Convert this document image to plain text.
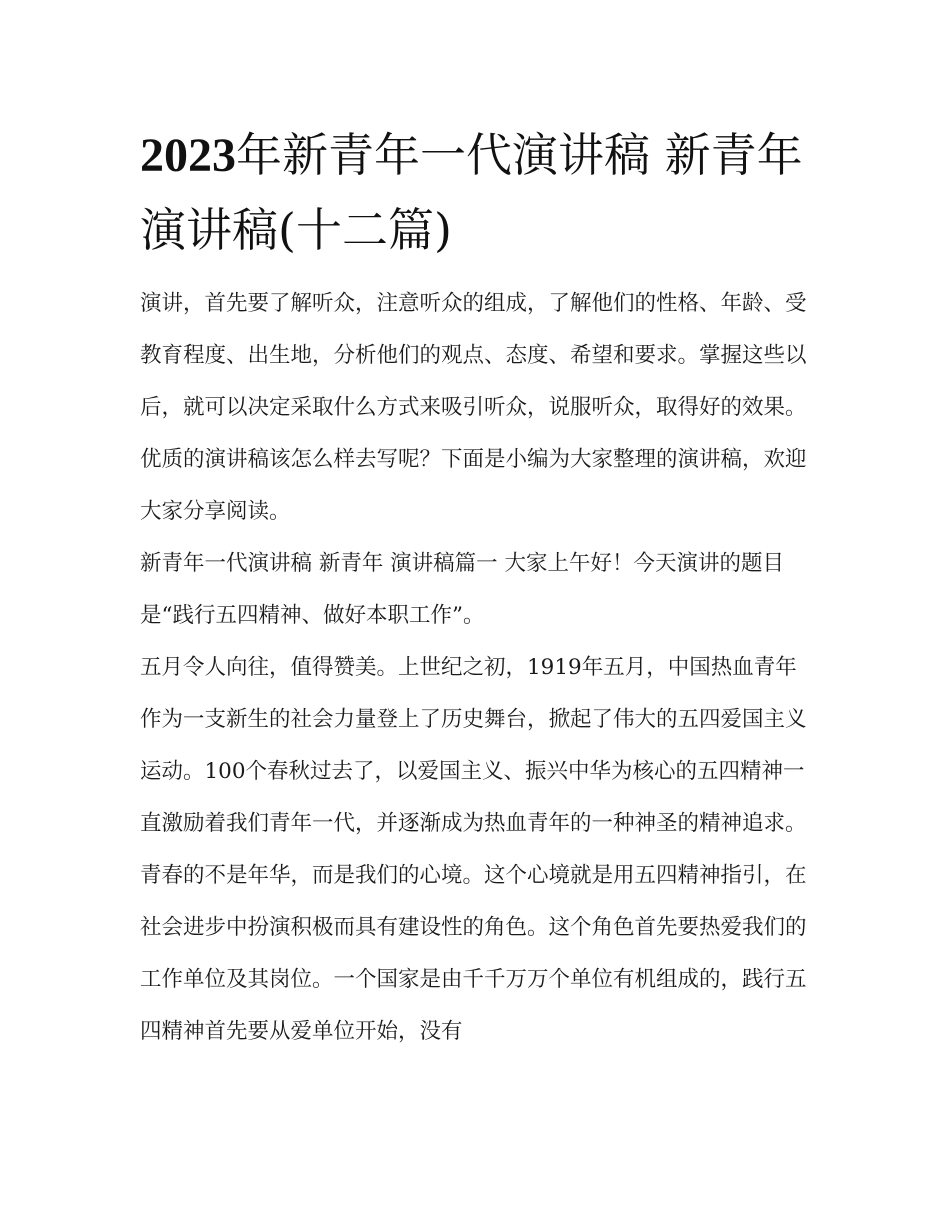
2023年新青年一代演讲稿 新青年 演讲稿(十二篇)

演讲，首先要了解听众，注意听众的组成，了解他们的性格、年龄、受教育程度、出生地，分析他们的观点、态度、希望和要求。掌握这些以后，就可以决定采取什么方式来吸引听众，说服听众，取得好的效果。优质的演讲稿该怎么样去写呢？下面是小编为大家整理的演讲稿，欢迎大家分享阅读。

新青年一代演讲稿 新青年 演讲稿篇一 大家上午好！今天演讲的题目是“践行五四精神、做好本职工作”。

五月令人向往，值得赞美。上世纪之初，1919年五月，中国热血青年作为一支新生的社会力量登上了历史舞台，掀起了伟大的五四爱国主义运动。100个春秋过去了，以爱国主义、振兴中华为核心的五四精神一直激励着我们青年一代，并逐渐成为热血青年的一种神圣的精神追求。

青春的不是年华，而是我们的心境。这个心境就是用五四精神指引，在社会进步中扮演积极而具有建设性的角色。这个角色首先要热爱我们的工作单位及其岗位。一个国家是由千千万万个单位有机组成的，践行五四精神首先要从爱单位开始，没有
